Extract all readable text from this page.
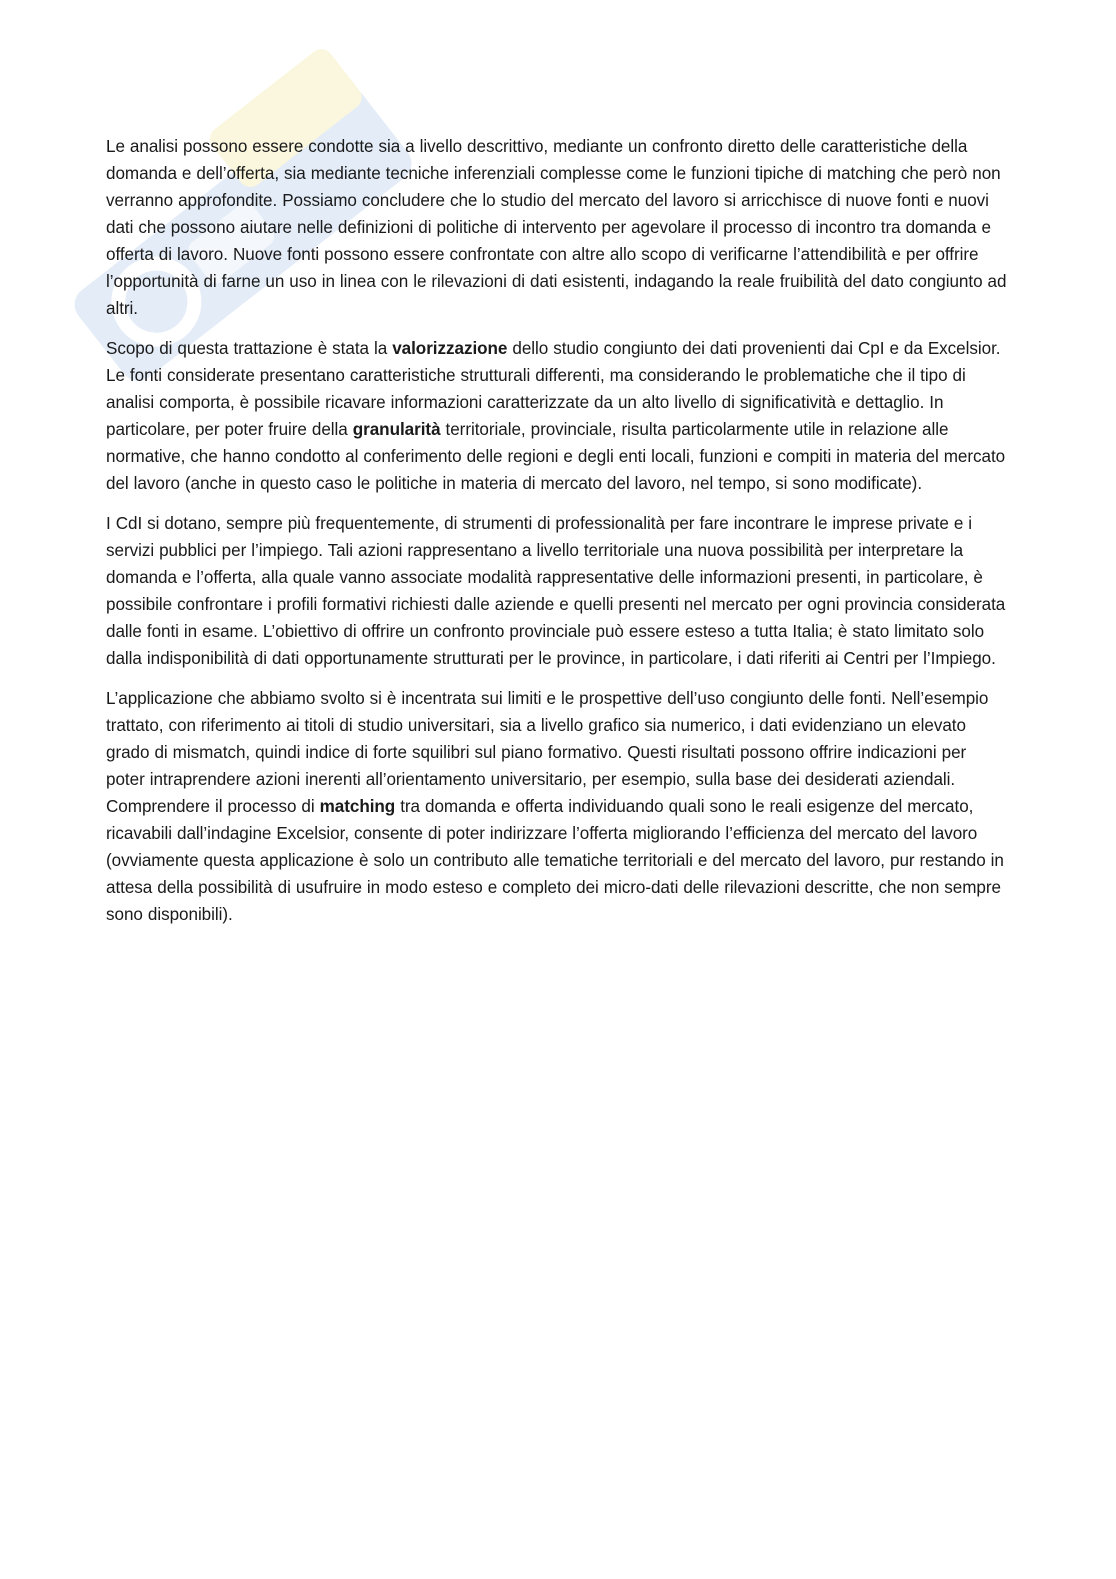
Le analisi possono essere condotte sia a livello descrittivo, mediante un confronto diretto delle caratteristiche della domanda e dell’offerta, sia mediante tecniche inferenziali complesse come le funzioni tipiche di matching che però non verranno approfondite. Possiamo concludere che lo studio del mercato del lavoro si arricchisce di nuove fonti e nuovi dati che possono aiutare nelle definizioni di politiche di intervento per agevolare il processo di incontro tra domanda e offerta di lavoro. Nuove fonti possono essere confrontate con altre allo scopo di verificarne l’attendibilità e per offrire l’opportunità di farne un uso in linea con le rilevazioni di dati esistenti, indagando la reale fruibilità del dato congiunto ad altri.

Scopo di questa trattazione è stata la valorizzazione dello studio congiunto dei dati provenienti dai CpI e da Excelsior. Le fonti considerate presentano caratteristiche strutturali differenti, ma considerando le problematiche che il tipo di analisi comporta, è possibile ricavare informazioni caratterizzate da un alto livello di significatività e dettaglio. In particolare, per poter fruire della granularità territoriale, provinciale, risulta particolarmente utile in relazione alle normative, che hanno condotto al conferimento delle regioni e degli enti locali, funzioni e compiti in materia del mercato del lavoro (anche in questo caso le politiche in materia di mercato del lavoro, nel tempo, si sono modificate).

I CdI si dotano, sempre più frequentemente, di strumenti di professionalità per fare incontrare le imprese private e i servizi pubblici per l’impiego. Tali azioni rappresentano a livello territoriale una nuova possibilità per interpretare la domanda e l’offerta, alla quale vanno associate modalità rappresentative delle informazioni presenti, in particolare, è possibile confrontare i profili formativi richiesti dalle aziende e quelli presenti nel mercato per ogni provincia considerata dalle fonti in esame. L’obiettivo di offrire un confronto provinciale può essere esteso a tutta Italia; è stato limitato solo dalla indisponibilità di dati opportunamente strutturati per le province, in particolare, i dati riferiti ai Centri per l’Impiego.

L’applicazione che abbiamo svolto si è incentrata sui limiti e le prospettive dell’uso congiunto delle fonti. Nell’esempio trattato, con riferimento ai titoli di studio universitari, sia a livello grafico sia numerico, i dati evidenziano un elevato grado di mismatch, quindi indice di forte squilibri sul piano formativo. Questi risultati possono offrire indicazioni per poter intraprendere azioni inerenti all’orientamento universitario, per esempio, sulla base dei desiderati aziendali. Comprendere il processo di matching tra domanda e offerta individuando quali sono le reali esigenze del mercato, ricavabili dall’indagine Excelsior, consente di poter indirizzare l’offerta migliorando l’efficienza del mercato del lavoro (ovviamente questa applicazione è solo un contributo alle tematiche territoriali e del mercato del lavoro, pur restando in attesa della possibilità di usufruire in modo esteso e completo dei micro-dati delle rilevazioni descritte, che non sempre sono disponibili).
